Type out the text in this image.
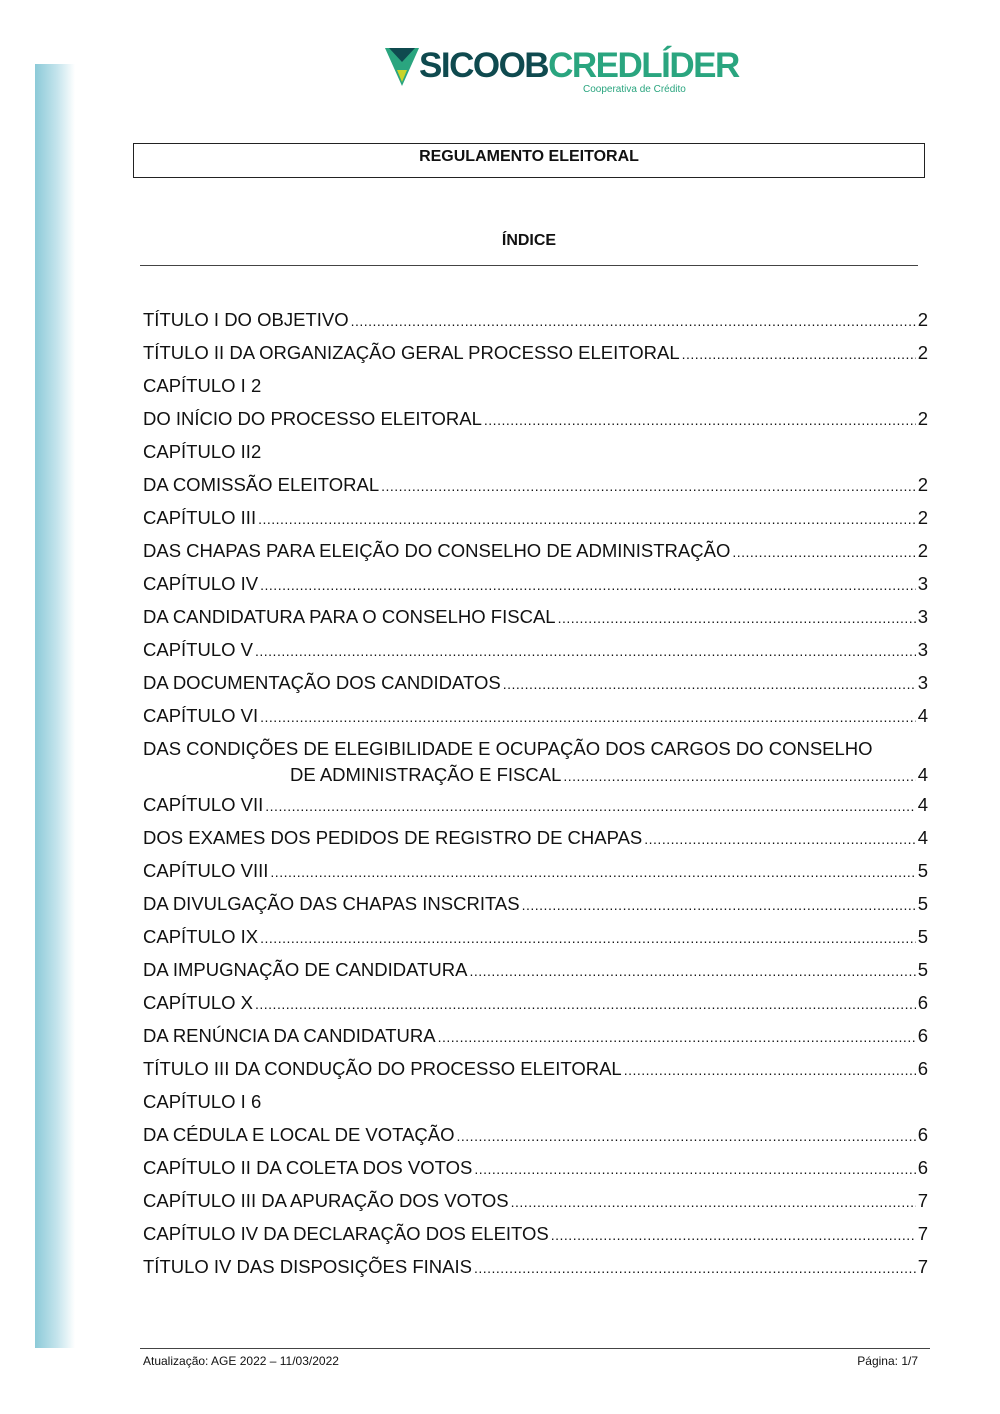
SICOOBCREDLÍDER
Cooperativa de Crédito
REGULAMENTO ELEITORAL
ÍNDICE
TÍTULO I DO OBJETIVO .....	2
TÍTULO II DA ORGANIZAÇÃO GERAL PROCESSO ELEITORAL .....	2
CAPÍTULO I 2
DO INÍCIO DO PROCESSO ELEITORAL .....	2
CAPÍTULO II2
DA COMISSÃO ELEITORAL .....	2
CAPÍTULO III .....	2
DAS CHAPAS PARA ELEIÇÃO DO CONSELHO DE ADMINISTRAÇÃO .....	2
CAPÍTULO IV .....	3
DA CANDIDATURA PARA O CONSELHO FISCAL .....	3
CAPÍTULO V .....	3
DA DOCUMENTAÇÃO DOS CANDIDATOS .....	3
CAPÍTULO VI .....	4
DAS CONDIÇÕES DE ELEGIBILIDADE E OCUPAÇÃO DOS CARGOS DO CONSELHO
DE ADMINISTRAÇÃO E FISCAL .....	4
CAPÍTULO VII .....	4
DOS EXAMES DOS PEDIDOS DE REGISTRO DE CHAPAS .....	4
CAPÍTULO VIII .....	5
DA DIVULGAÇÃO DAS CHAPAS INSCRITAS .....	5
CAPÍTULO IX .....	5
DA IMPUGNAÇÃO DE CANDIDATURA .....	5
CAPÍTULO X .....	6
DA RENÚNCIA DA CANDIDATURA .....	6
TÍTULO III DA CONDUÇÃO DO PROCESSO ELEITORAL .....	6
CAPÍTULO I 6
DA CÉDULA E LOCAL DE VOTAÇÃO .....	6
CAPÍTULO II DA COLETA DOS VOTOS .....	6
CAPÍTULO III DA APURAÇÃO DOS VOTOS .....	7
CAPÍTULO IV DA DECLARAÇÃO DOS ELEITOS .....	7
TÍTULO IV DAS DISPOSIÇÕES FINAIS .....	7
Atualização: AGE 2022 – 11/03/2022	Página: 1/7
